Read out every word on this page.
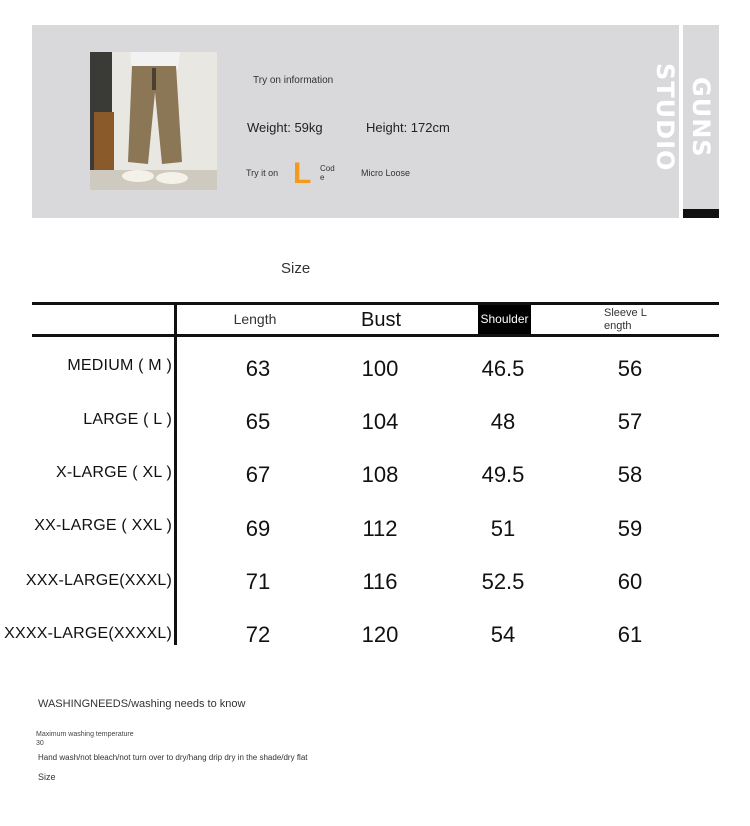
Try on information
Weight: 59kg	Height: 172cm
Try it on L Cod
e	Micro Loose
GUNS STUDIO
Size
Length	Bust	Shoulder	Sleeve L
ength
MEDIUM ( M )	63	100	46.5	56
LARGE ( L )	65	104	48	57
X-LARGE ( XL )	67	108	49.5	58
XX-LARGE ( XXL )	69	112	51	59
XXX-LARGE(XXXL)	71	116	52.5	60
XXXX-LARGE(XXXXL)	72	120	54	61
WASHINGNEEDS/washing needs to know
Maximum washing temperature
30
Hand wash/not bleach/not turn over to dry/hang drip dry in the shade/dry flat
Size
